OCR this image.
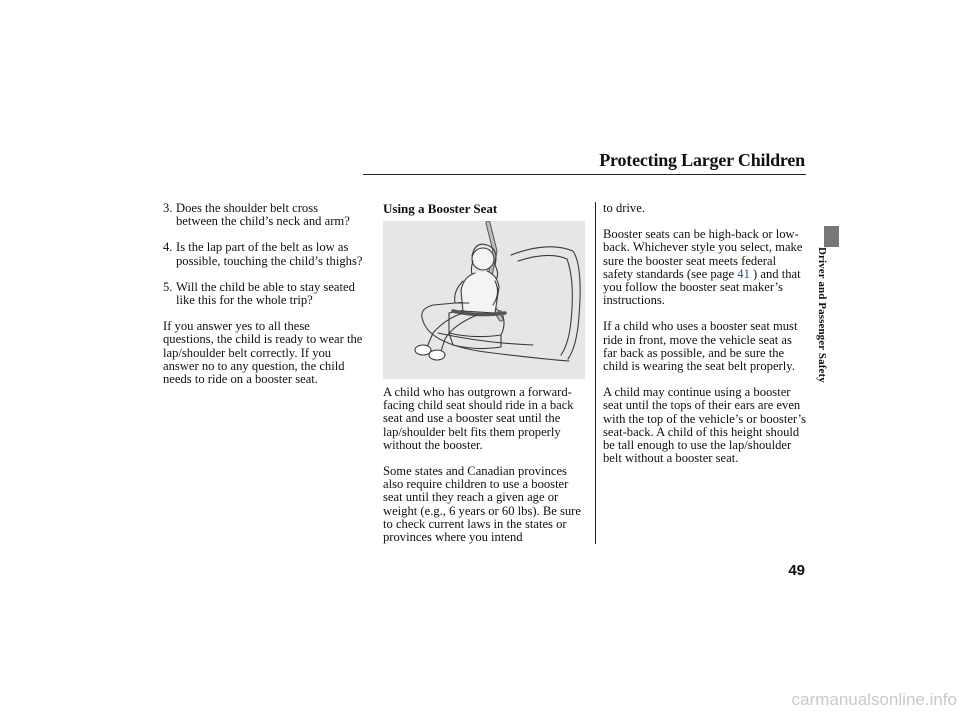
Protecting Larger Children
Driver and Passenger Safety
3. Does the shoulder belt cross between the child’s neck and arm?
4. Is the lap part of the belt as low as possible, touching the child’s thighs?
5. Will the child be able to stay seated like this for the whole trip?
If you answer yes to all these questions, the child is ready to wear the lap/shoulder belt correctly. If you answer no to any question, the child needs to ride on a booster seat.
Using a Booster Seat
A child who has outgrown a forward-facing child seat should ride in a back seat and use a booster seat until the lap/shoulder belt fits them properly without the booster.
Some states and Canadian provinces also require children to use a booster seat until they reach a given age or weight (e.g., 6 years or 60 lbs). Be sure to check current laws in the states or provinces where you intend
to drive.
Booster seats can be high-back or low-back. Whichever style you select, make sure the booster seat meets federal safety standards (see page 41 ) and that you follow the booster seat maker’s instructions.
If a child who uses a booster seat must ride in front, move the vehicle seat as far back as possible, and be sure the child is wearing the seat belt properly.
A child may continue using a booster seat until the tops of their ears are even with the top of the vehicle’s or booster’s seat-back. A child of this height should be tall enough to use the lap/shoulder belt without a booster seat.
49
carmanualsonline.info
